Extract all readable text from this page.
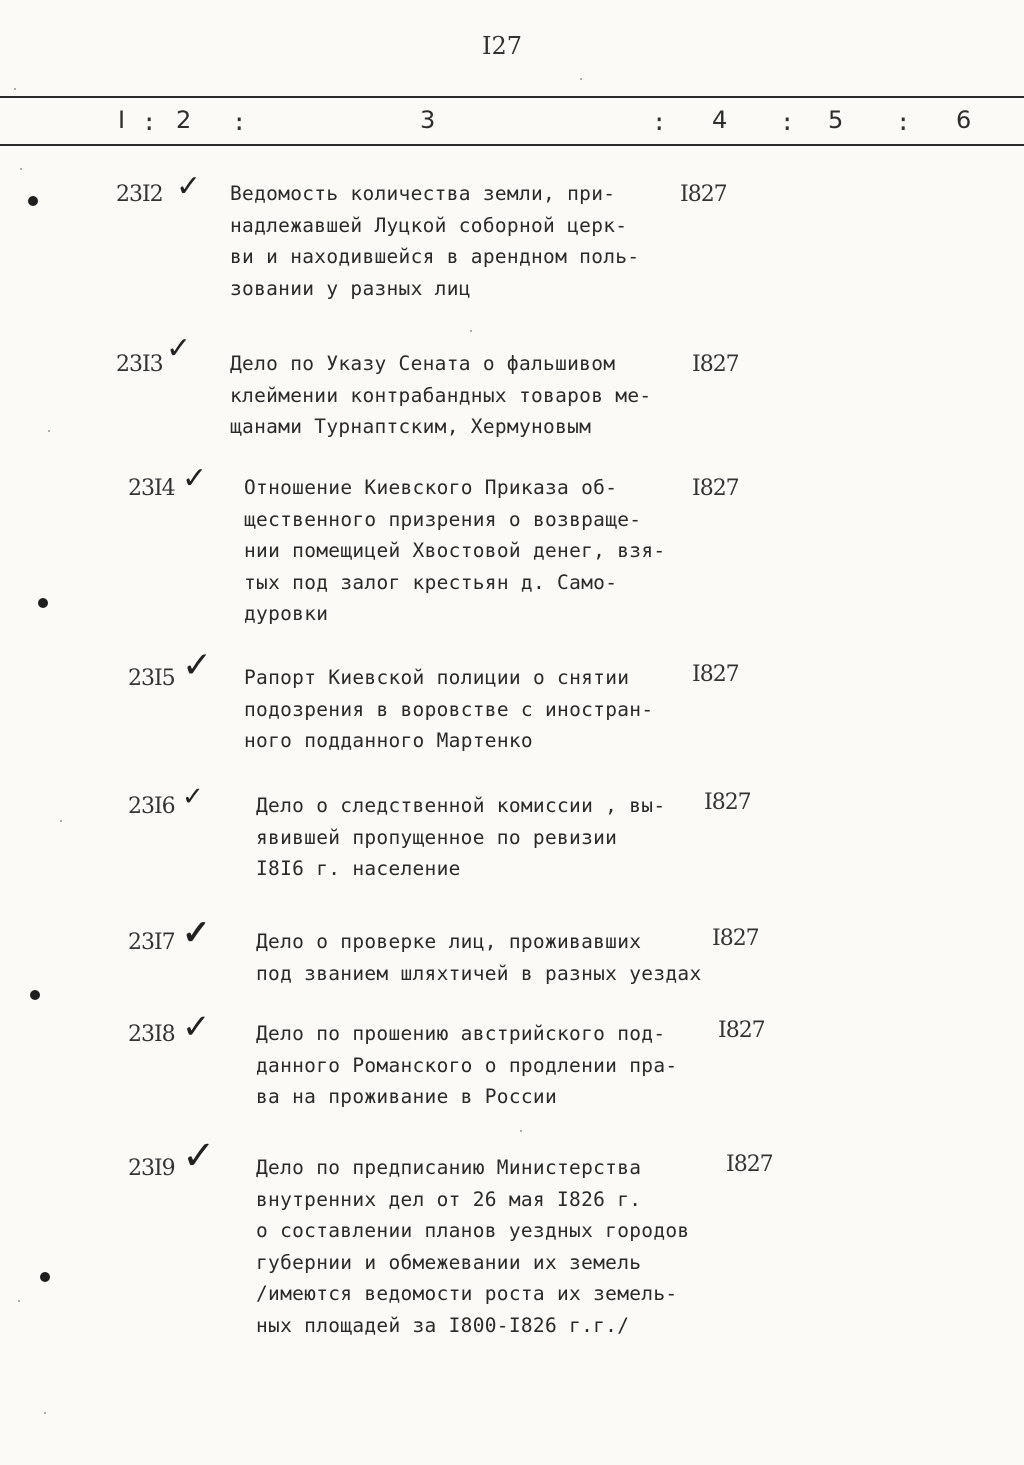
I27
I : 2 :	3	: 4 : 5 : 6
23I2 ✓ Ведомость количества земли, при-
надлежавшей Луцкой соборной церк-
ви и находившейся в арендном поль-
зовании у разных лиц
I827
23I3 ✓ Дело по Указу Сената о фальшивом
клеймении контрабандных товаров ме-
щанами Турнаптским, Хермуновым
I827
23I4 ✓ Отношение Киевского Приказа об-
щественного призрения о возвраще-
нии помещицей Хвостовой денег, взя-
тых под залог крестьян д. Само-
дуровки
I827
23I5 ✓ Рапорт Киевской полиции о снятии
подозрения в воровстве с иностран-
ного подданного Мартенко
I827
23I6 ✓	Дело о следственной комиссии , вы-
явившей пропущенное по ревизии
I8I6 г. население
I827
23I7 ✓ Дело о проверке лиц, проживавших
под званием шляхтичей в разных уездах
I827
23I8 ✓ Дело по прошению австрийского под-
данного Романского о продлении пра-
ва на проживание в России
I827
23I9 ✓ Дело по предписанию Министерства
внутренних дел от 26 мая I826 г.
о составлении планов уездных городов
губернии и обмежевании их земель
/имеются ведомости роста их земель-
ных площадей за I800-I826 г.г./
I827
